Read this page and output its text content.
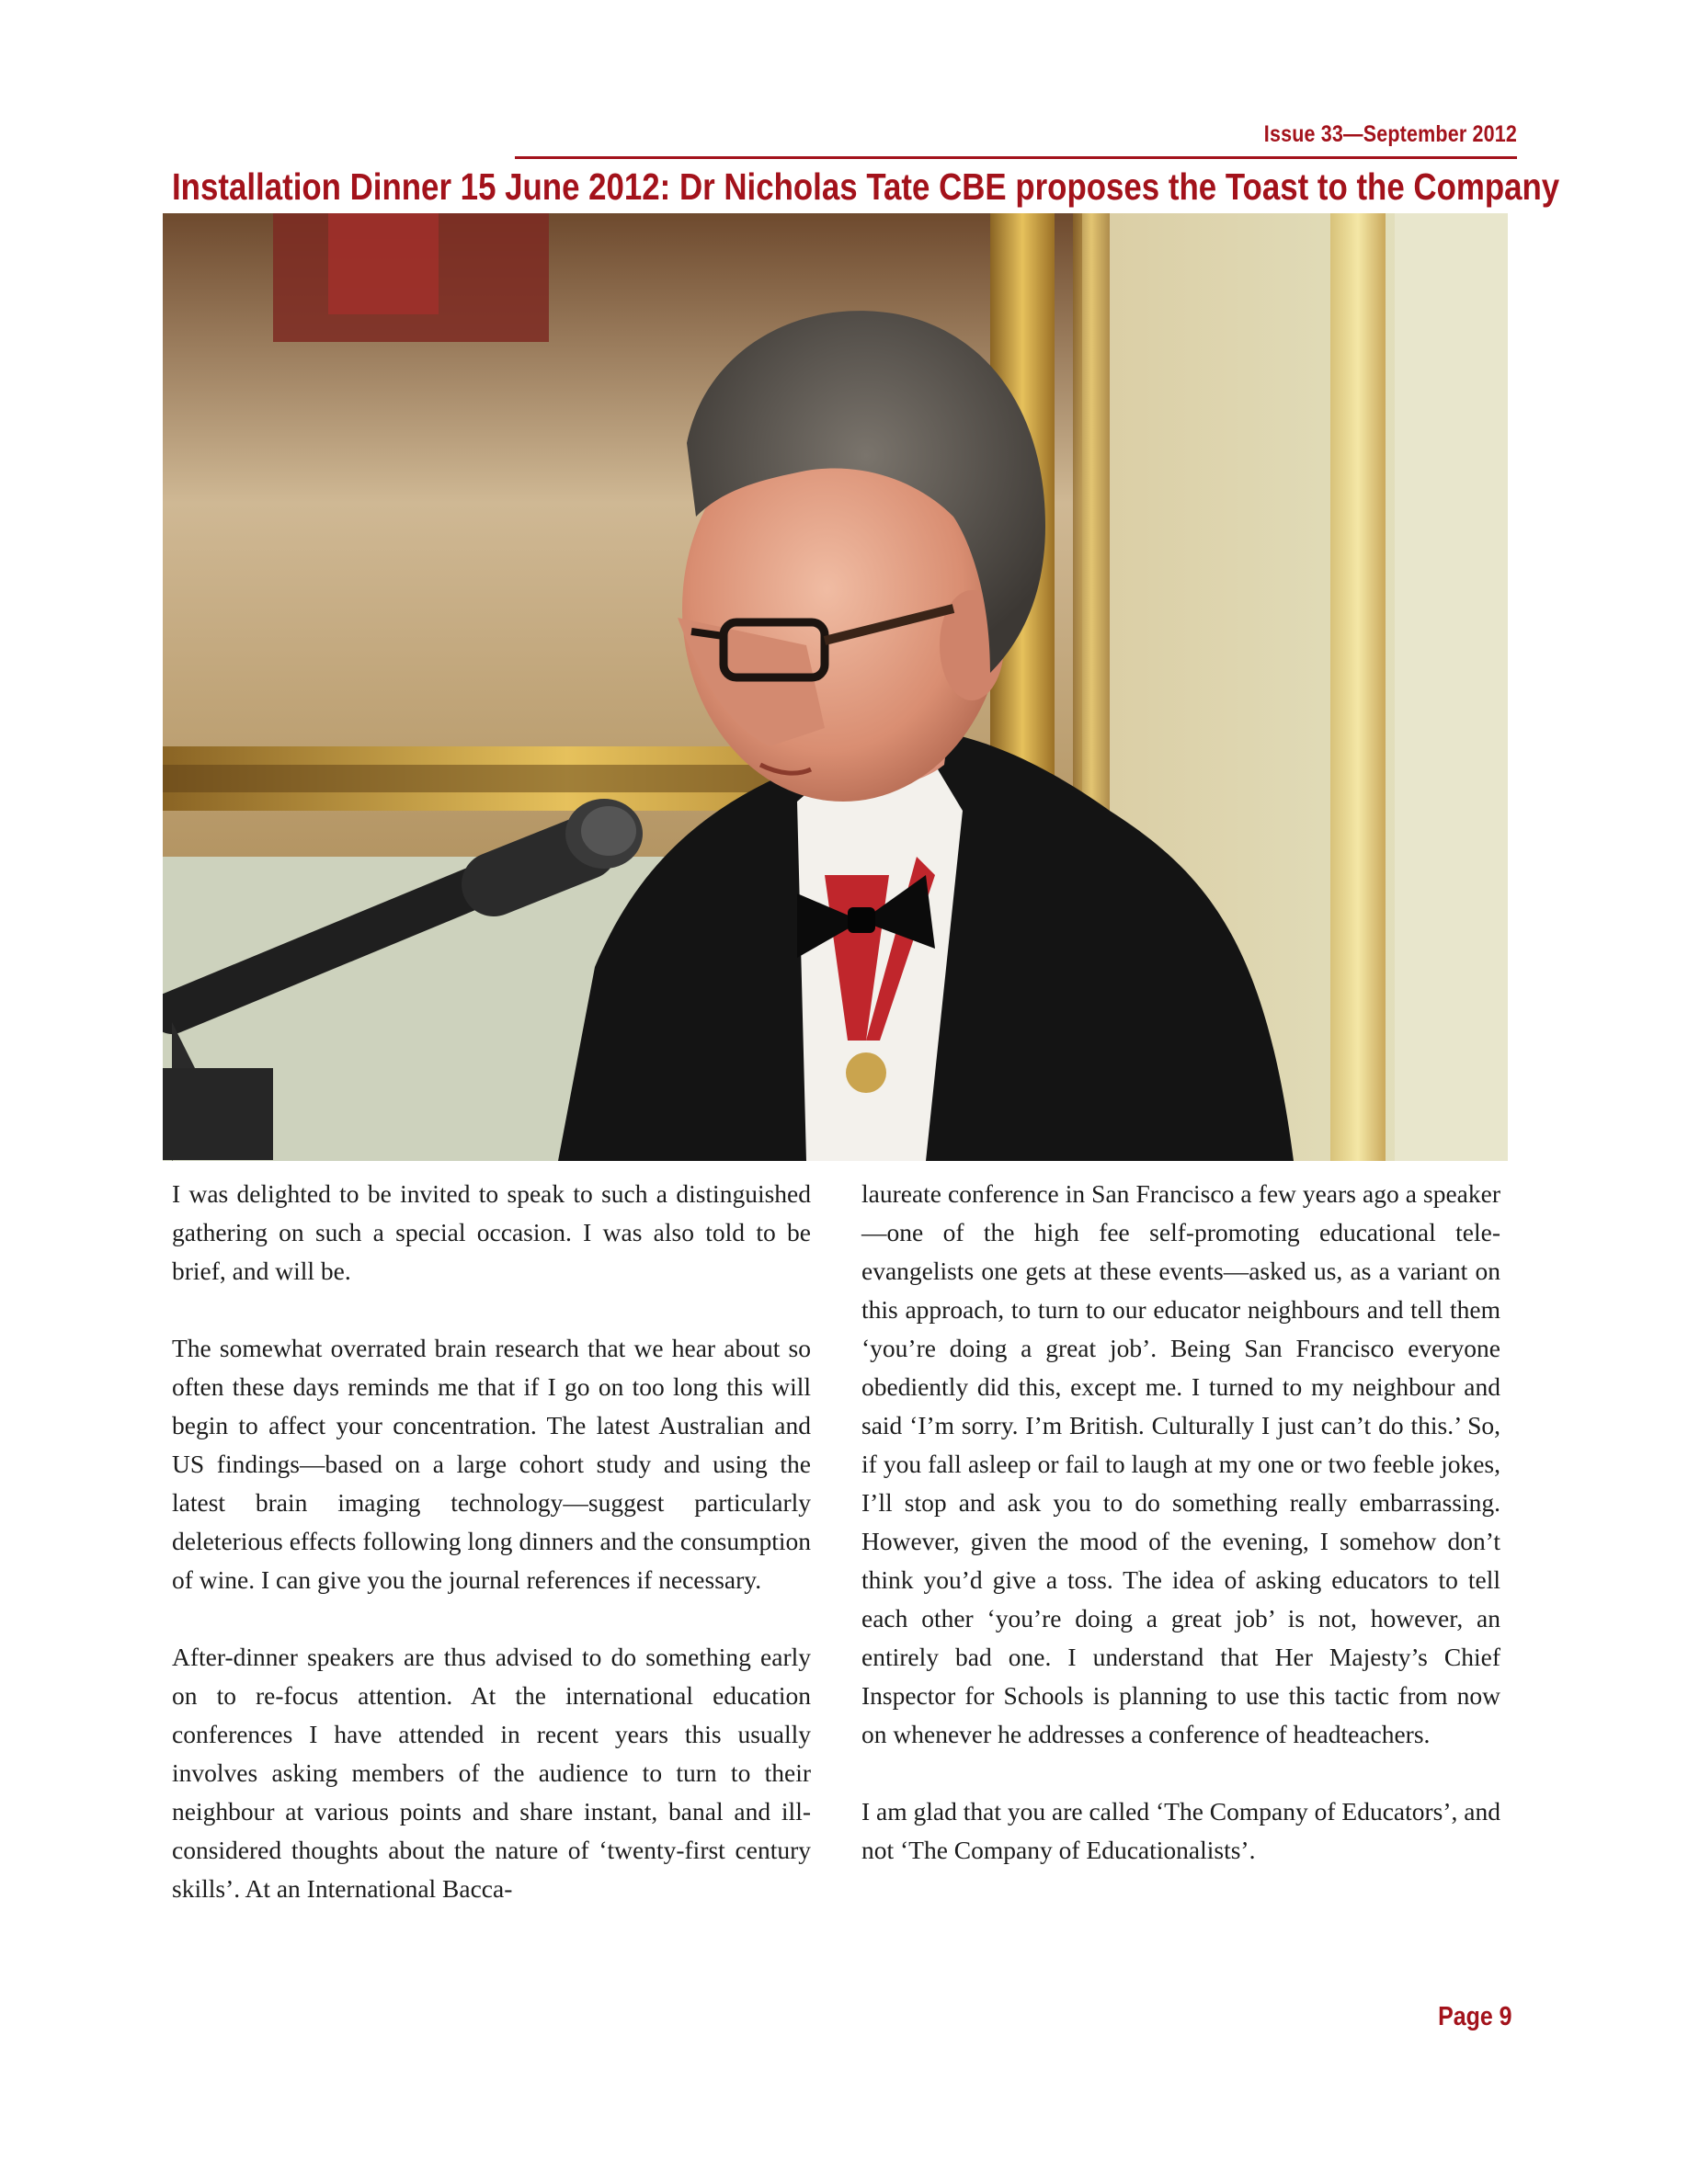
Issue 33—September 2012
Installation Dinner 15 June 2012: Dr Nicholas Tate CBE proposes the Toast to the Company

I was delighted to be invited to speak to such a distinguished gathering on such a special occasion. I was also told to be brief, and will be.

The somewhat overrated brain research that we hear about so often these days reminds me that if I go on too long this will begin to affect your concentration. The latest Australian and US findings—based on a large cohort study and using the latest brain imaging technology—suggest particularly deleterious effects following long dinners and the consumption of wine. I can give you the journal references if necessary.

After-dinner speakers are thus advised to do something early on to re-focus attention. At the international education conferences I have attended in recent years this usually involves asking members of the audience to turn to their neighbour at various points and share instant, banal and ill-considered thoughts about the nature of ‘twenty-first century skills’. At an International Bacca-

laureate conference in San Francisco a few years ago a speaker—one of the high fee self-promoting educational tele-evangelists one gets at these events—asked us, as a variant on this approach, to turn to our educator neighbours and tell them ‘you’re doing a great job’. Being San Francisco everyone obediently did this, except me. I turned to my neighbour and said ‘I’m sorry. I’m British. Culturally I just can’t do this.’ So, if you fall asleep or fail to laugh at my one or two feeble jokes, I’ll stop and ask you to do something really embarrassing. However, given the mood of the evening, I somehow don’t think you’d give a toss. The idea of asking educators to tell each other ‘you’re doing a great job’ is not, however, an entirely bad one. I understand that Her Majesty’s Chief Inspector for Schools is planning to use this tactic from now on whenever he addresses a conference of headteachers.

I am glad that you are called ‘The Company of Educators’, and not ‘The Company of Educationalists’.

Page 9
